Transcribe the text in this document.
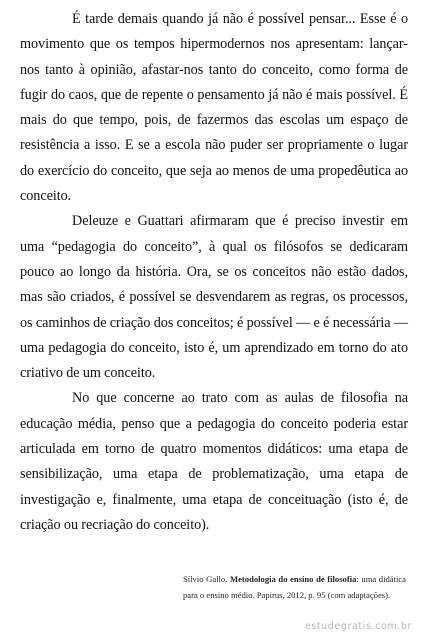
É tarde demais quando já não é possível pensar... Esse é o movimento que os tempos hipermodernos nos apresentam: lançar-nos tanto à opinião, afastar-nos tanto do conceito, como forma de fugir do caos, que de repente o pensamento já não é mais possível. É mais do que tempo, pois, de fazermos das escolas um espaço de resistência a isso. E se a escola não puder ser propriamente o lugar do exercício do conceito, que seja ao menos de uma propedêutica ao conceito.

Deleuze e Guattari afirmaram que é preciso investir em uma “pedagogia do conceito”, à qual os filósofos se dedicaram pouco ao longo da história. Ora, se os conceitos não estão dados, mas são criados, é possível se desvendarem as regras, os processos, os caminhos de criação dos conceitos; é possível — e é necessária — uma pedagogia do conceito, isto é, um aprendizado em torno do ato criativo de um conceito.

No que concerne ao trato com as aulas de filosofia na educação média, penso que a pedagogia do conceito poderia estar articulada em torno de quatro momentos didáticos: uma etapa de sensibilização, uma etapa de problematização, uma etapa de investigação e, finalmente, uma etapa de conceituação (isto é, de criação ou recriação do conceito).

Sílvio Gallo. Metodologia do ensino de filosofia: uma didática para o ensino médio. Papirus, 2012, p. 95 (com adaptações).
estudegratis.com.br
